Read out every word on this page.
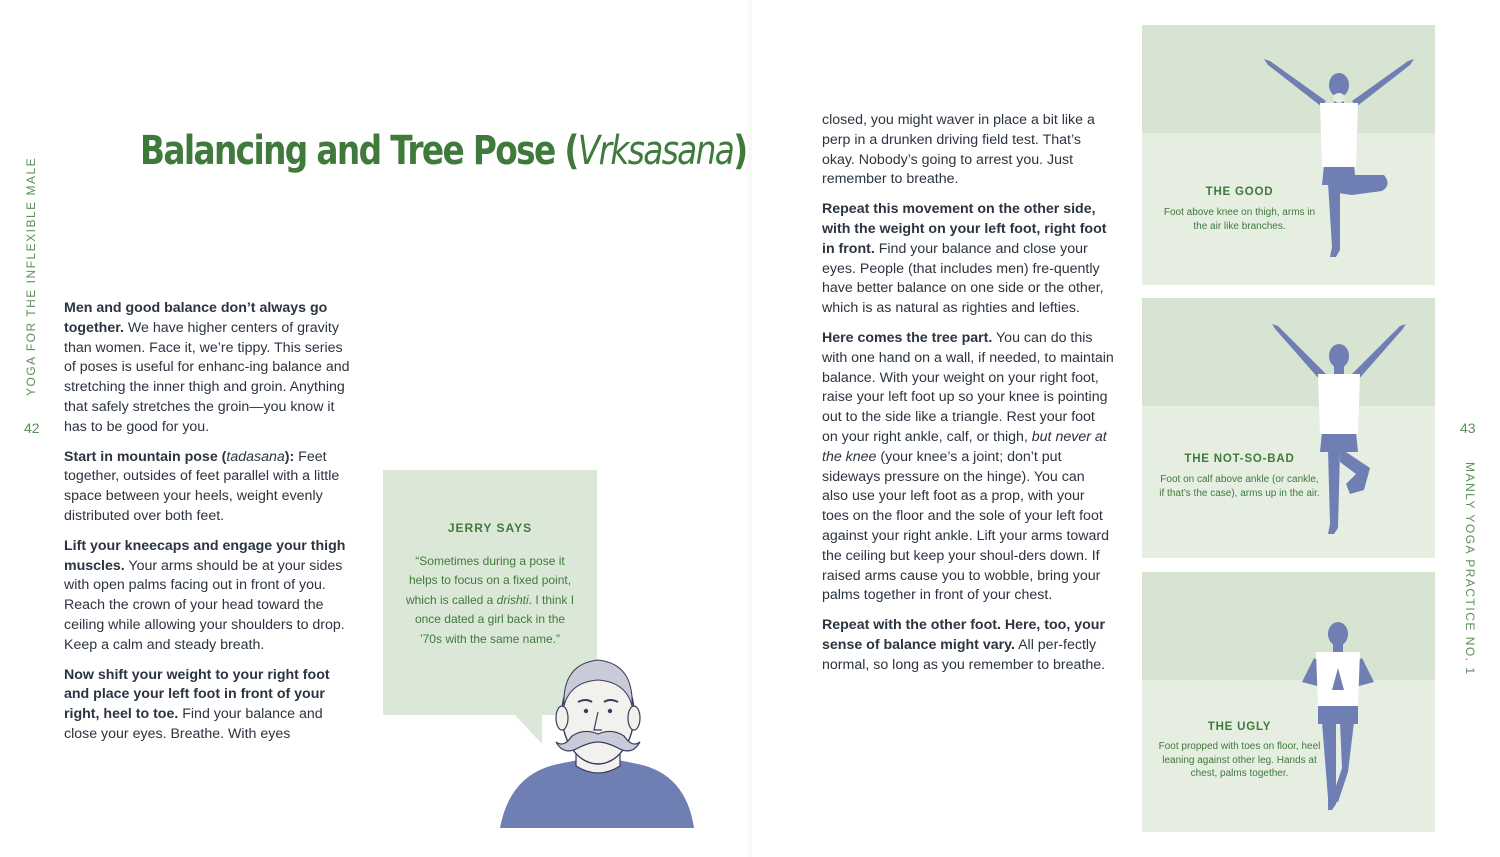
Balancing and Tree Pose (Vrksasana)
YOGA FOR THE INFLEXIBLE MALE
42
MANLY YOGA PRACTICE NO. 1
43

Men and good balance don’t always go together. We have higher centers of gravity than women. Face it, we’re tippy. This series of poses is useful for enhanc-ing balance and stretching the inner thigh and groin. Anything that safely stretches the groin—you know it has to be good for you.

Start in mountain pose (tadasana): Feet together, outsides of feet parallel with a little space between your heels, weight evenly distributed over both feet.

Lift your kneecaps and engage your thigh muscles. Your arms should be at your sides with open palms facing out in front of you. Reach the crown of your head toward the ceiling while allowing your shoulders to drop. Keep a calm and steady breath.

Now shift your weight to your right foot and place your left foot in front of your right, heel to toe. Find your balance and close your eyes. Breathe. With eyes

JERRY SAYS
“Sometimes during a pose it helps to focus on a fixed point, which is called a drishti. I think I once dated a girl back in the ’70s with the same name.”

closed, you might waver in place a bit like a perp in a drunken driving field test. That’s okay. Nobody’s going to arrest you. Just remember to breathe.

Repeat this movement on the other side, with the weight on your left foot, right foot in front. Find your balance and close your eyes. People (that includes men) fre-quently have better balance on one side or the other, which is as natural as righties and lefties.

Here comes the tree part. You can do this with one hand on a wall, if needed, to maintain balance. With your weight on your right foot, raise your left foot up so your knee is pointing out to the side like a triangle. Rest your foot on your right ankle, calf, or thigh, but never at the knee (your knee’s a joint; don’t put sideways pressure on the hinge). You can also use your left foot as a prop, with your toes on the floor and the sole of your left foot against your right ankle. Lift your arms toward the ceiling but keep your shoul-ders down. If raised arms cause you to wobble, bring your palms together in front of your chest.

Repeat with the other foot. Here, too, your sense of balance might vary. All per-fectly normal, so long as you remember to breathe.

THE GOOD
Foot above knee on thigh, arms in the air like branches.
THE NOT-SO-BAD
Foot on calf above ankle (or cankle, if that’s the case), arms up in the air.
THE UGLY
Foot propped with toes on floor, heel leaning against other leg. Hands at chest, palms together.
